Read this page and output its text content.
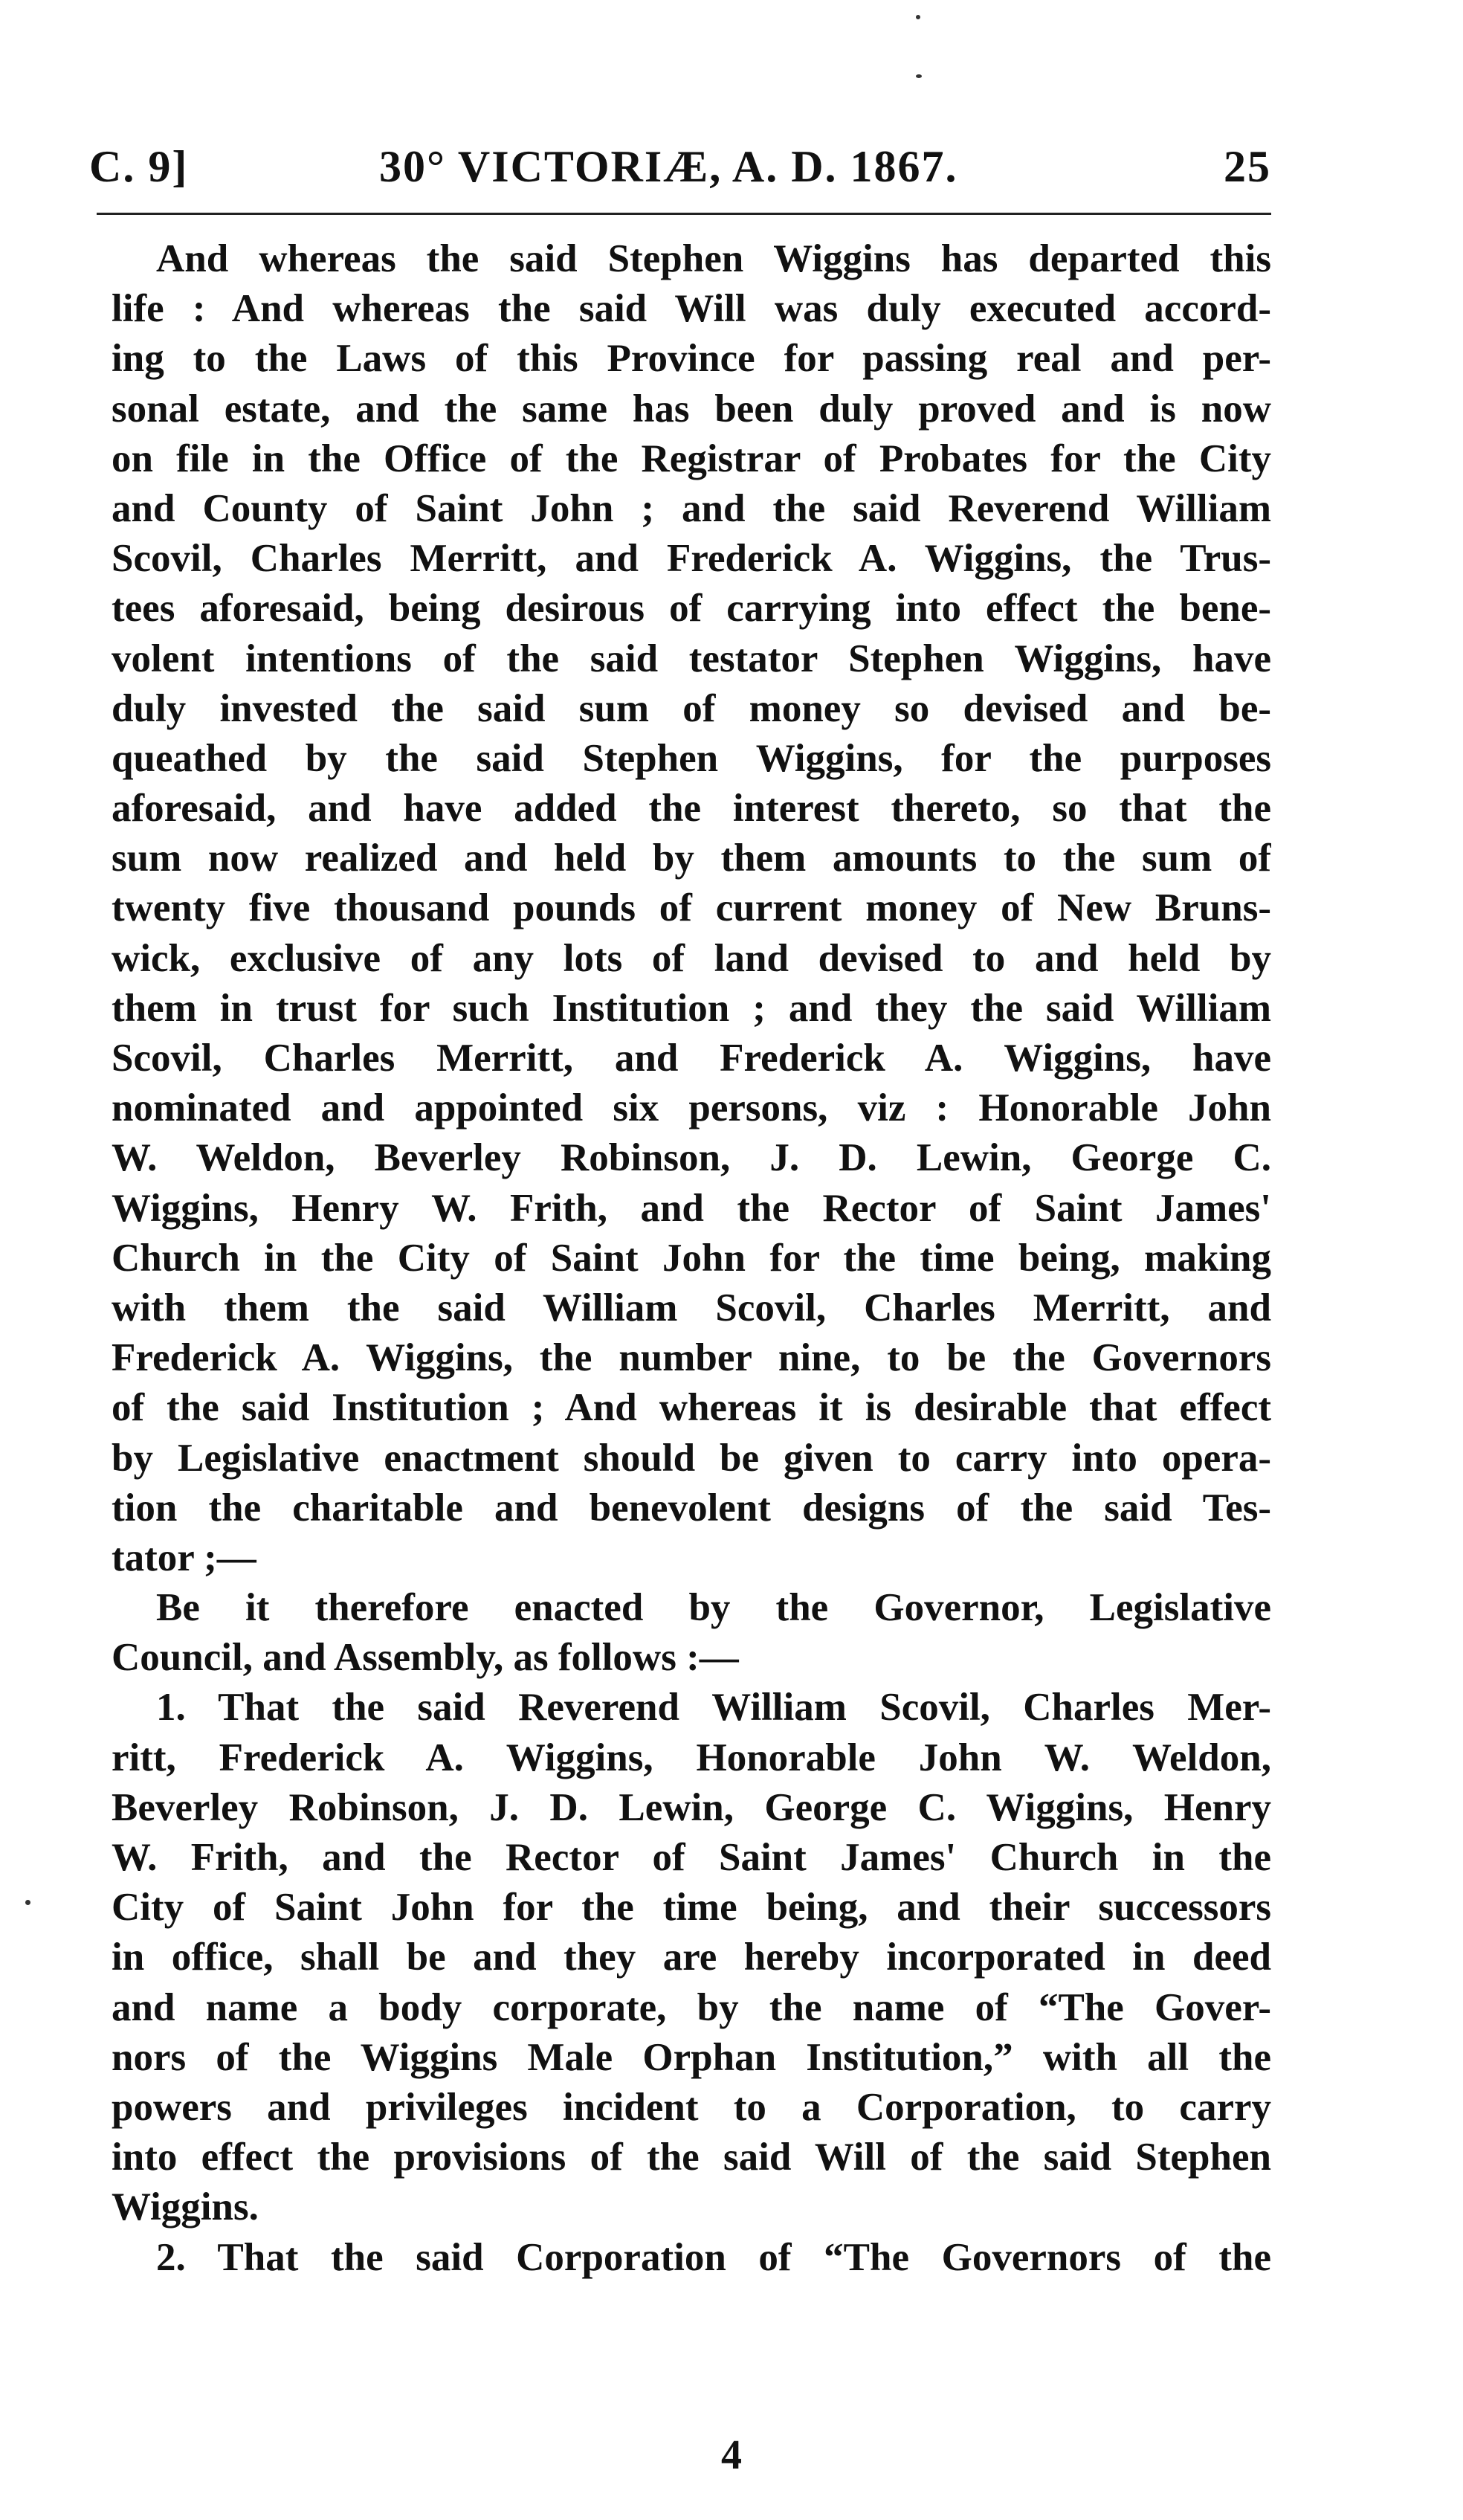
C. 9]	30° VICTORIÆ, A. D. 1867.	25
And whereas the said Stephen Wiggins has departed this
life : And whereas the said Will was duly executed accord-
ing to the Laws of this Province for passing real and per-
sonal estate, and the same has been duly proved and is now
on file in the Office of the Registrar of Probates for the City
and County of Saint John ; and the said Reverend William
Scovil, Charles Merritt, and Frederick A. Wiggins, the Trus-
tees aforesaid, being desirous of carrying into effect the bene-
volent intentions of the said testator Stephen Wiggins, have
duly invested the said sum of money so devised and be-
queathed by the said Stephen Wiggins, for the purposes
aforesaid, and have added the interest thereto, so that the
sum now realized and held by them amounts to the sum of
twenty five thousand pounds of current money of New Bruns-
wick, exclusive of any lots of land devised to and held by
them in trust for such Institution ; and they the said William
Scovil, Charles Merritt, and Frederick A. Wiggins, have
nominated and appointed six persons, viz : Honorable John
W. Weldon, Beverley Robinson, J. D. Lewin, George C.
Wiggins, Henry W. Frith, and the Rector of Saint James'
Church in the City of Saint John for the time being, making
with them the said William Scovil, Charles Merritt, and
Frederick A. Wiggins, the number nine, to be the Governors
of the said Institution ; And whereas it is desirable that effect
by Legislative enactment should be given to carry into opera-
tion the charitable and benevolent designs of the said Tes-
tator ;—
Be it therefore enacted by the Governor, Legislative
Council, and Assembly, as follows :—
1. That the said Reverend William Scovil, Charles Mer-
ritt, Frederick A. Wiggins, Honorable John W. Weldon,
Beverley Robinson, J. D. Lewin, George C. Wiggins, Henry
W. Frith, and the Rector of Saint James' Church in the
City of Saint John for the time being, and their successors
in office, shall be and they are hereby incorporated in deed
and name a body corporate, by the name of “The Gover-
nors of the Wiggins Male Orphan Institution,” with all the
powers and privileges incident to a Corporation, to carry
into effect the provisions of the said Will of the said Stephen
Wiggins.
2. That the said Corporation of “The Governors of the
4
